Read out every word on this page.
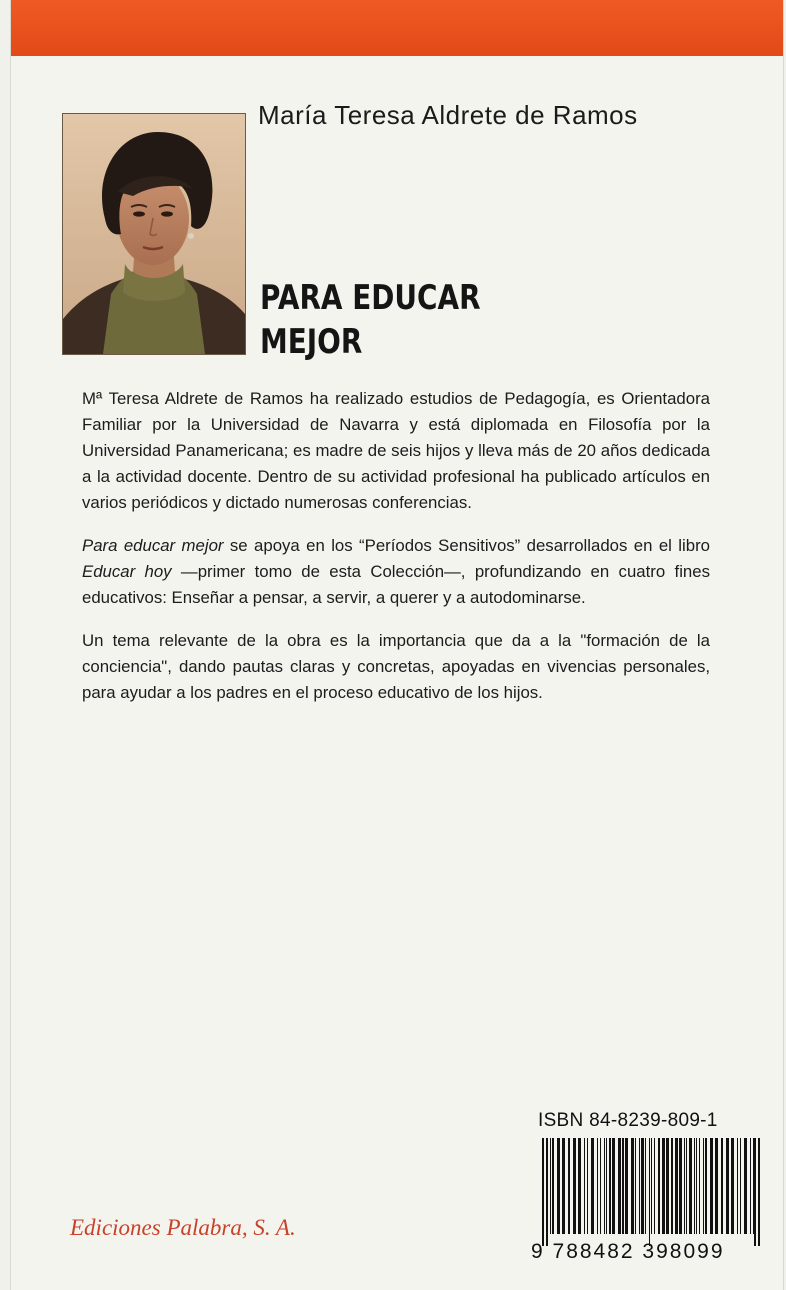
María Teresa Aldrete de Ramos
PARA EDUCAR
MEJOR

Mª Teresa Aldrete de Ramos ha realizado estudios de Pedagogía, es Orientadora Familiar por la Universidad de Navarra y está diplomada en Filosofía por la Universidad Panamericana; es madre de seis hijos y lleva más de 20 años dedicada a la actividad docente. Dentro de su actividad profesional ha publicado artículos en varios periódicos y dictado numerosas conferencias.

Para educar mejor se apoya en los “Períodos Sensitivos” desarrollados en el libro Educar hoy —primer tomo de esta Colección—, profundizando en cuatro fines educativos: Enseñar a pensar, a servir, a querer y a autodominarse.

Un tema relevante de la obra es la importancia que da a la "formación de la conciencia", dando pautas claras y concretas, apoyadas en vivencias personales, para ayudar a los padres en el proceso educativo de los hijos.

ISBN 84-8239-809-1
9 788482 398099
Ediciones Palabra, S. A.
